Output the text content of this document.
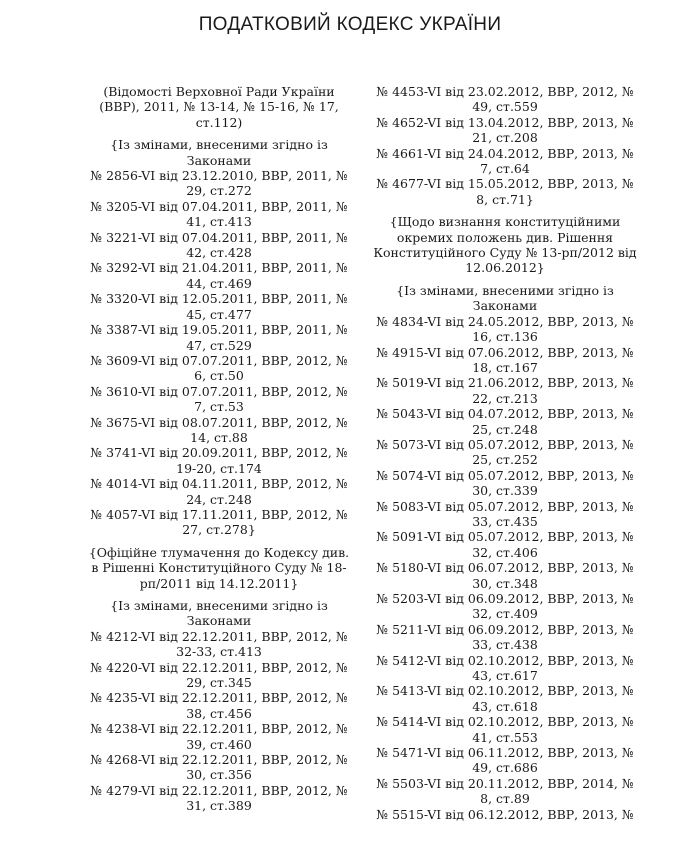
ПОДАТКОВИЙ КОДЕКС УКРАЇНИ
(Відомості Верховної Ради України (ВВР), 2011, № 13-14, № 15-16, № 17, ст.112)
{Із змінами, внесеними згідно із Законами
№ 2856-VI від 23.12.2010, ВВР, 2011, № 29, ст.272
№ 3205-VI від 07.04.2011, ВВР, 2011, № 41, ст.413
№ 3221-VI від 07.04.2011, ВВР, 2011, № 42, ст.428
№ 3292-VI від 21.04.2011, ВВР, 2011, № 44, ст.469
№ 3320-VI від 12.05.2011, ВВР, 2011, № 45, ст.477
№ 3387-VI від 19.05.2011, ВВР, 2011, № 47, ст.529
№ 3609-VI від 07.07.2011, ВВР, 2012, № 6, ст.50
№ 3610-VI від 07.07.2011, ВВР, 2012, № 7, ст.53
№ 3675-VI від 08.07.2011, ВВР, 2012, № 14, ст.88
№ 3741-VI від 20.09.2011, ВВР, 2012, № 19-20, ст.174
№ 4014-VI від 04.11.2011, ВВР, 2012, № 24, ст.248
№ 4057-VI від 17.11.2011, ВВР, 2012, № 27, ст.278}
{Офіційне тлумачення до Кодексу див. в Рішенні Конституційного Суду № 18-рп/2011 від 14.12.2011}
{Із змінами, внесеними згідно із Законами
№ 4212-VI від 22.12.2011, ВВР, 2012, № 32-33, ст.413
№ 4220-VI від 22.12.2011, ВВР, 2012, № 29, ст.345
№ 4235-VI від 22.12.2011, ВВР, 2012, № 38, ст.456
№ 4238-VI від 22.12.2011, ВВР, 2012, № 39, ст.460
№ 4268-VI від 22.12.2011, ВВР, 2012, № 30, ст.356
№ 4279-VI від 22.12.2011, ВВР, 2012, № 31, ст.389
№ 4453-VI від 23.02.2012, ВВР, 2012, № 49, ст.559
№ 4652-VI від 13.04.2012, ВВР, 2013, № 21, ст.208
№ 4661-VI від 24.04.2012, ВВР, 2013, № 7, ст.64
№ 4677-VI від 15.05.2012, ВВР, 2013, № 8, ст.71}
{Щодо визнання конституційними окремих положень див. Рішення Конституційного Суду № 13-рп/2012 від 12.06.2012}
{Із змінами, внесеними згідно із Законами
№ 4834-VI від 24.05.2012, ВВР, 2013, № 16, ст.136
№ 4915-VI від 07.06.2012, ВВР, 2013, № 18, ст.167
№ 5019-VI від 21.06.2012, ВВР, 2013, № 22, ст.213
№ 5043-VI від 04.07.2012, ВВР, 2013, № 25, ст.248
№ 5073-VI від 05.07.2012, ВВР, 2013, № 25, ст.252
№ 5074-VI від 05.07.2012, ВВР, 2013, № 30, ст.339
№ 5083-VI від 05.07.2012, ВВР, 2013, № 33, ст.435
№ 5091-VI від 05.07.2012, ВВР, 2013, № 32, ст.406
№ 5180-VI від 06.07.2012, ВВР, 2013, № 30, ст.348
№ 5203-VI від 06.09.2012, ВВР, 2013, № 32, ст.409
№ 5211-VI від 06.09.2012, ВВР, 2013, № 33, ст.438
№ 5412-VI від 02.10.2012, ВВР, 2013, № 43, ст.617
№ 5413-VI від 02.10.2012, ВВР, 2013, № 43, ст.618
№ 5414-VI від 02.10.2012, ВВР, 2013, № 41, ст.553
№ 5471-VI від 06.11.2012, ВВР, 2013, № 49, ст.686
№ 5503-VI від 20.11.2012, ВВР, 2014, № 8, ст.89
№ 5515-VI від 06.12.2012, ВВР, 2013, №
